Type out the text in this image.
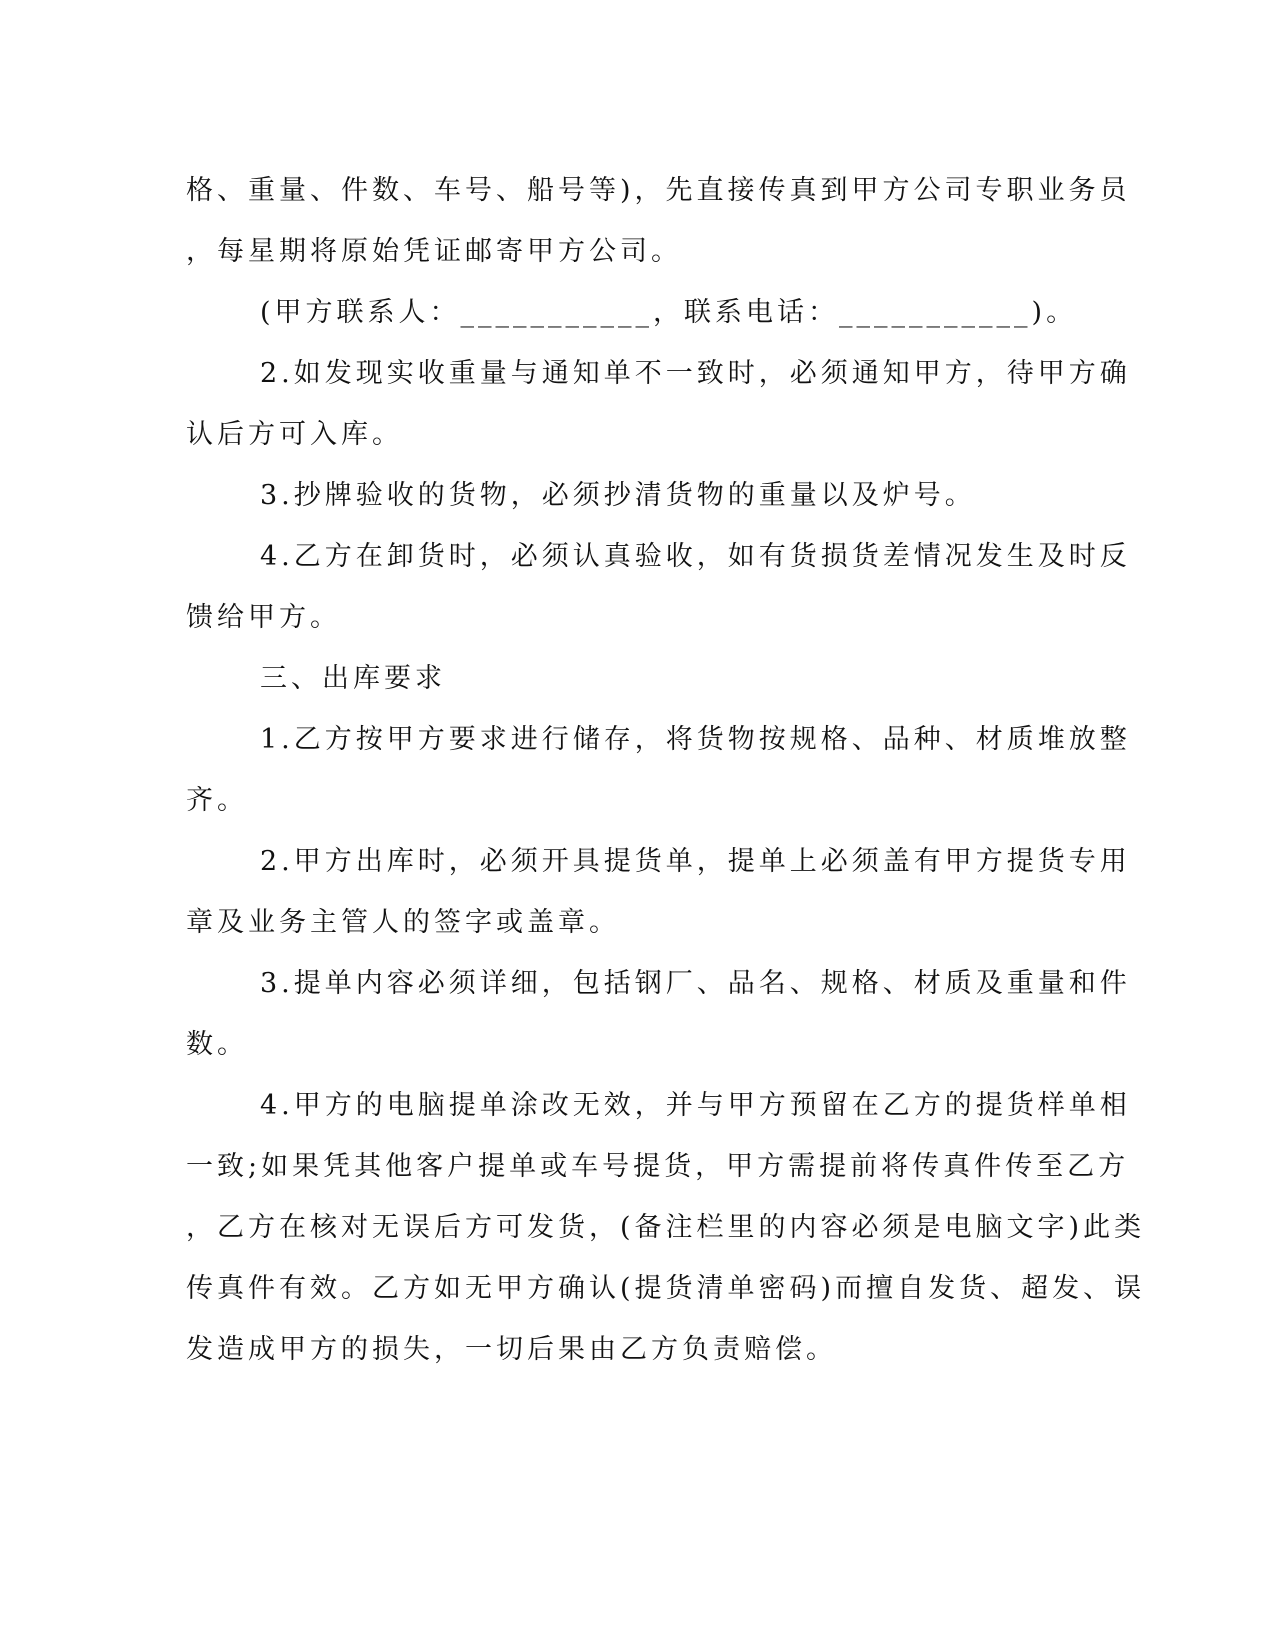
格、重量、件数、车号、船号等)，先直接传真到甲方公司专职业务员
，每星期将原始凭证邮寄甲方公司。
(甲方联系人：___________，联系电话：___________)。
2.如发现实收重量与通知单不一致时，必须通知甲方，待甲方确
认后方可入库。
3.抄牌验收的货物，必须抄清货物的重量以及炉号。
4.乙方在卸货时，必须认真验收，如有货损货差情况发生及时反
馈给甲方。
三、出库要求
1.乙方按甲方要求进行储存，将货物按规格、品种、材质堆放整
齐。
2.甲方出库时，必须开具提货单，提单上必须盖有甲方提货专用
章及业务主管人的签字或盖章。
3.提单内容必须详细，包括钢厂、品名、规格、材质及重量和件
数。
4.甲方的电脑提单涂改无效，并与甲方预留在乙方的提货样单相
一致;如果凭其他客户提单或车号提货，甲方需提前将传真件传至乙方
，乙方在核对无误后方可发货，(备注栏里的内容必须是电脑文字)此类
传真件有效。乙方如无甲方确认(提货清单密码)而擅自发货、超发、误
发造成甲方的损失，一切后果由乙方负责赔偿。
